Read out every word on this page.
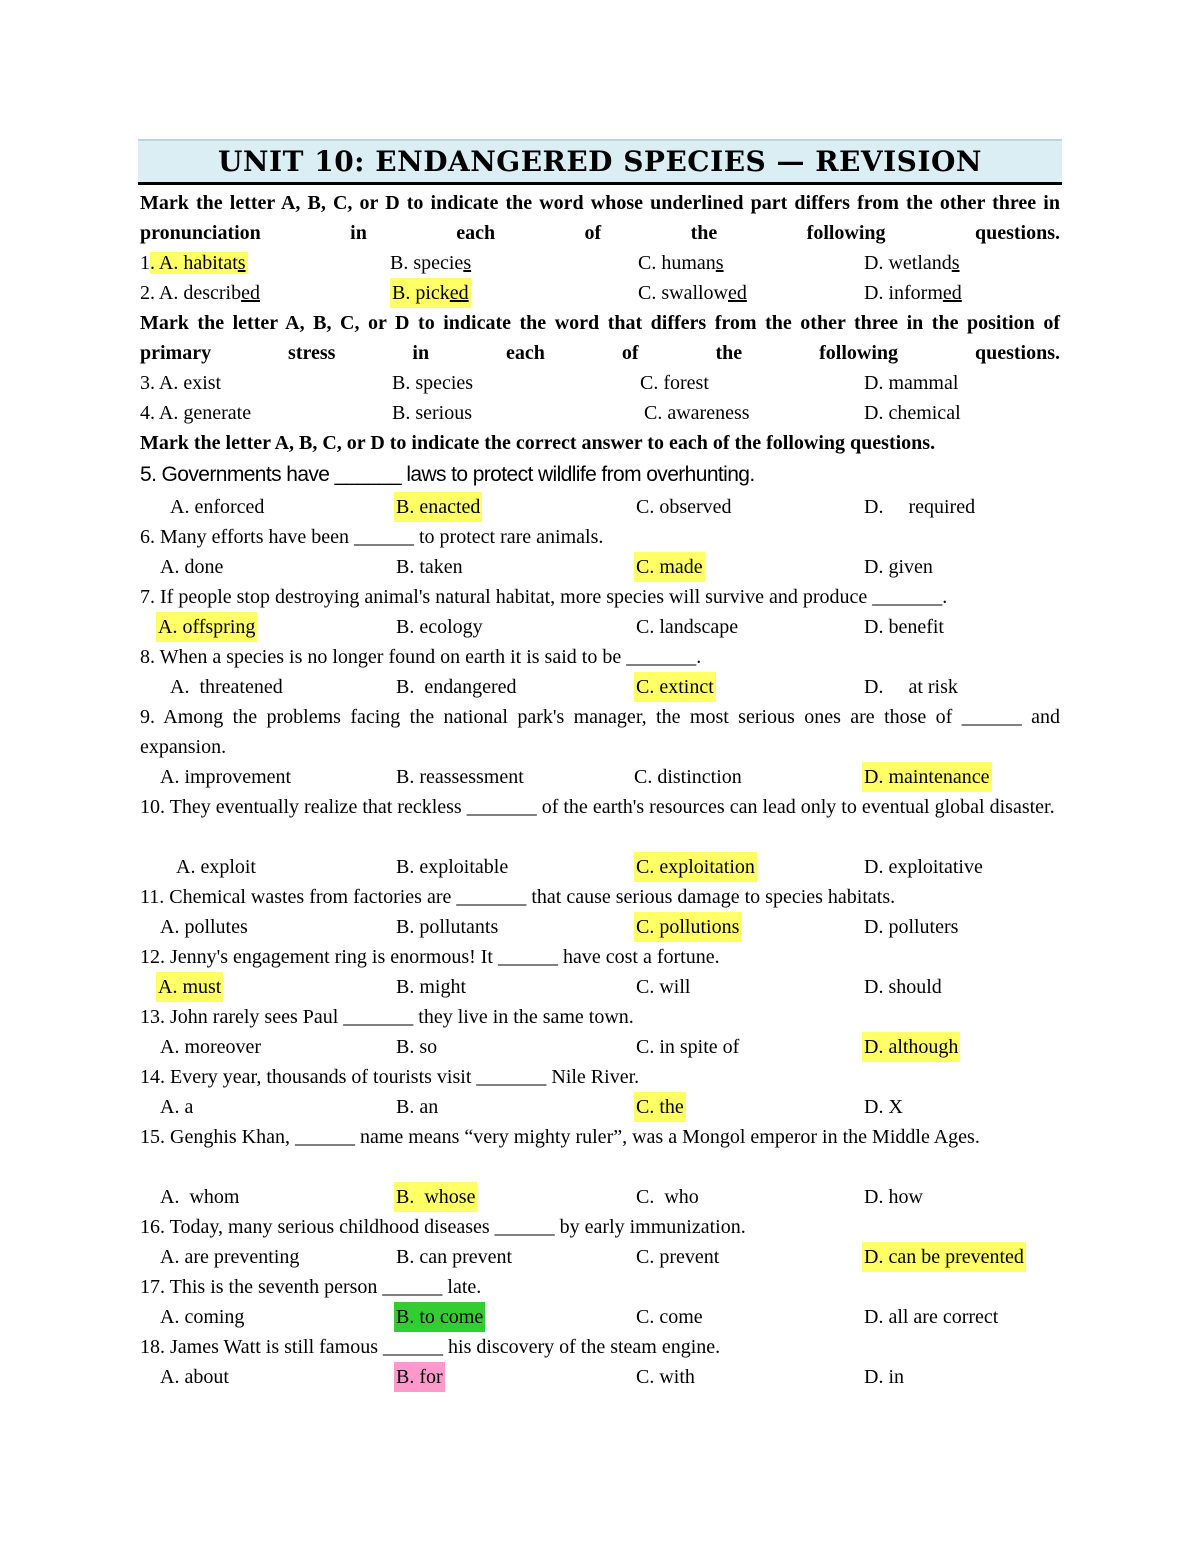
UNIT 10: ENDANGERED SPECIES — REVISION
Mark the letter A, B, C, or D to indicate the word whose underlined part differs from the other three in pronunciation in each of the following questions.
1. A. habitats	B. species	C. humans	D. wetlands
2. A. described	B. picked	C. swallowed	D. informed
Mark the letter A, B, C, or D to indicate the word that differs from the other three in the position of primary stress in each of the following questions.
3. A. exist	B. species	C. forest	D. mammal
4. A. generate	B. serious	C. awareness	D. chemical
Mark the letter A, B, C, or D to indicate the correct answer to each of the following questions.
5. Governments have ______ laws to protect wildlife from overhunting.
A. enforced	B. enacted	C. observed	D.     required
6. Many efforts have been ______ to protect rare animals.
A. done	B. taken	C. made	D. given
7. If people stop destroying animal's natural habitat, more species will survive and produce _______.
A. offspring	B. ecology	C. landscape	D. benefit
8. When a species is no longer found on earth it is said to be _______.
A.  threatened	B.  endangered	C. extinct	D.     at risk
9. Among the problems facing the national park's manager, the most serious ones are those of ______ and expansion.
A. improvement	B. reassessment	C. distinction	D. maintenance
10. They eventually realize that reckless _______ of the earth's resources can lead only to eventual global disaster.
A. exploit	B. exploitable	C. exploitation	D. exploitative
11. Chemical wastes from factories are _______ that cause serious damage to species habitats.
A. pollutes	B. pollutants	C. pollutions	D. polluters
12. Jenny's engagement ring is enormous! It ______ have cost a fortune.
A. must	B. might	C. will	D. should
13. John rarely sees Paul _______ they live in the same town.
A. moreover	B. so	C. in spite of	D. although
14. Every year, thousands of tourists visit _______ Nile River.
A. a	B. an	C. the	D. X
15. Genghis Khan, ______ name means “very mighty ruler”, was a Mongol emperor in the Middle Ages.
A.  whom	B.  whose	C.  who	D. how
16. Today, many serious childhood diseases ______ by early immunization.
A. are preventing	B. can prevent	C. prevent	D. can be prevented
17. This is the seventh person ______ late.
A. coming	B. to come	C. come	D. all are correct
18. James Watt is still famous ______ his discovery of the steam engine.
A. about	B. for	C. with	D. in
